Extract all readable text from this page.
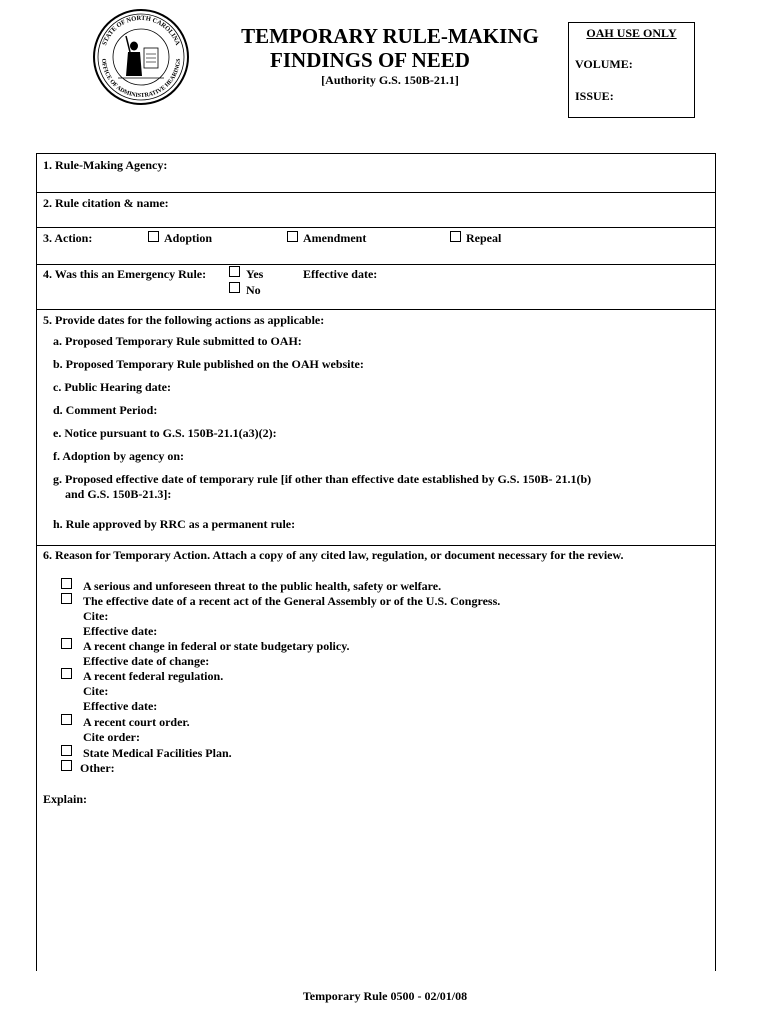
STATE OF NORTH CAROLINA
OFFICE OF ADMINISTRATIVE HEARINGS
TEMPORARY RULE-MAKING
FINDINGS OF NEED
[Authority G.S. 150B-21.1]
OAH USE ONLY
VOLUME:
ISSUE:
1. Rule-Making Agency:
2. Rule citation & name:
3. Action:	Adoption	Amendment	Repeal
4. Was this an Emergency Rule:	Yes
No
Effective date:
5. Provide dates for the following actions as applicable:
a. Proposed Temporary Rule submitted to OAH:
b. Proposed Temporary Rule published on the OAH website:
c. Public Hearing date:
d. Comment Period:
e. Notice pursuant to G.S. 150B-21.1(a3)(2):
f. Adoption by agency on:
g. Proposed effective date of temporary rule [if other than effective date established by G.S. 150B- 21.1(b)
and G.S. 150B-21.3]:
h. Rule approved by RRC as a permanent rule:
6. Reason for Temporary Action. Attach a copy of any cited law, regulation, or document necessary for the review.
A serious and unforeseen threat to the public health, safety or welfare.
The effective date of a recent act of the General Assembly or of the U.S. Congress.
Cite:
Effective date:
A recent change in federal or state budgetary policy.
Effective date of change:
A recent federal regulation.
Cite:
Effective date:
A recent court order.
Cite order:
State Medical Facilities Plan.
Other:
Explain:
Temporary Rule 0500 - 02/01/08
